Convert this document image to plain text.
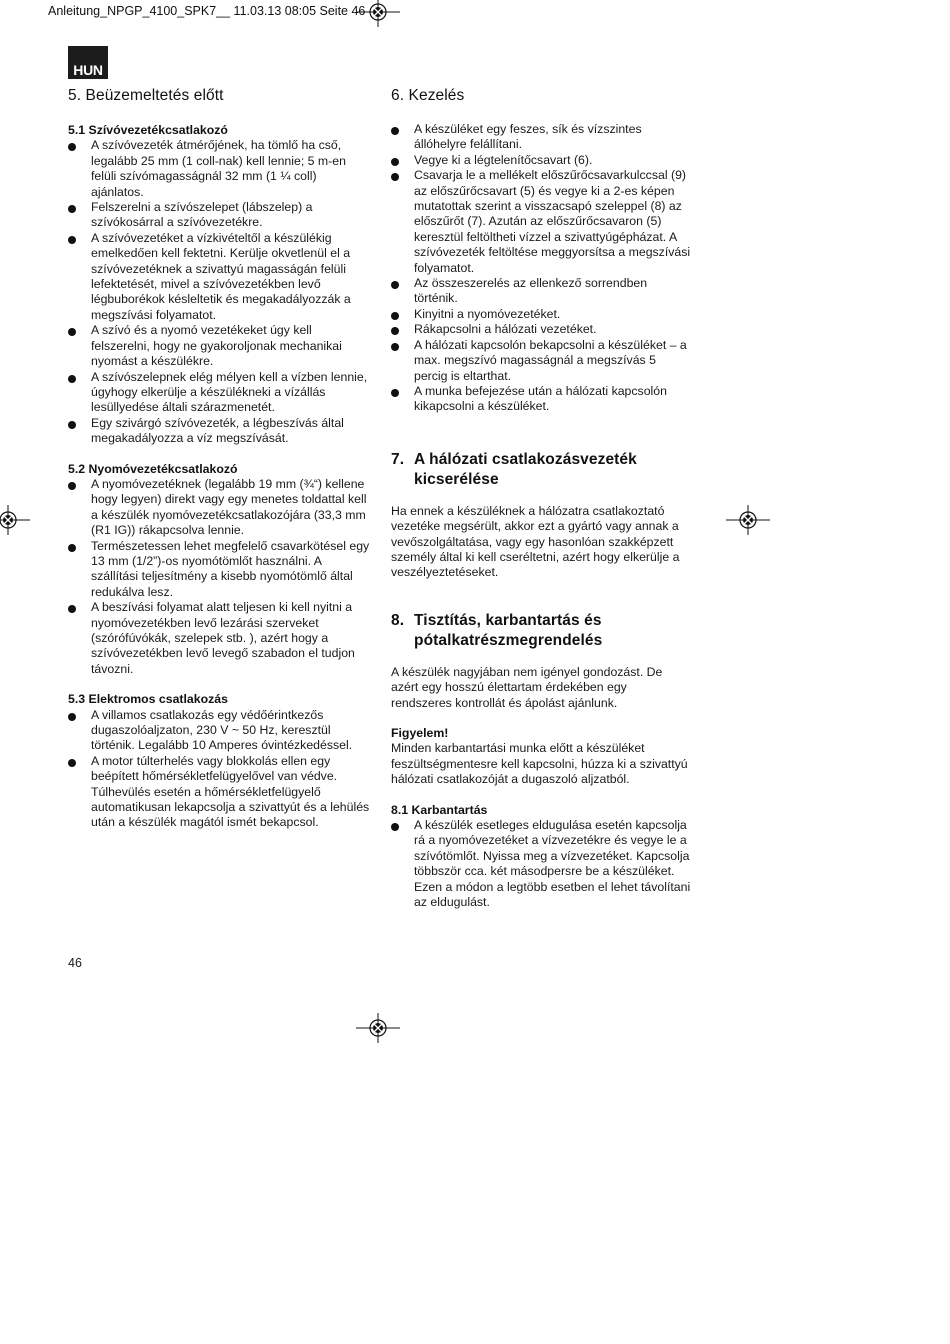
Anleitung_NPGP_4100_SPK7__ 11.03.13 08:05 Seite 46
HUN
5. Beüzemeltetés előtt
5.1 Szívóvezetékcsatlakozó
A szívóvezeték átmérőjének, ha tömlő ha cső, legalább 25 mm (1 coll-nak) kell lennie; 5 m-en felüli szívómagasságnál 32 mm (1 ¼ coll) ajánlatos.
Felszerelni a szívószelepet (lábszelep) a szívókosárral a szívóvezetékre.
A szívóvezetéket a vízkivételtől a készülékig emelkedően kell fektetni. Kerülje okvetlenül el a szívóvezetéknek a szivattyú magasságán felüli lefektetését, mivel a szívóvezetékben levő légbuborékok késleltetik és megakadályozzák a megszívási folyamatot.
A szívó és a nyomó vezetékeket úgy kell felszerelni, hogy ne gyakoroljonak mechanikai nyomást a készülékre.
A szívószelepnek elég mélyen kell a vízben lennie, úgyhogy elkerülje a készülékneki a vízállás lesüllyedése általi szárazmenetét.
Egy szivárgó szívóvezeték, a légbeszívás által megakadályozza a víz megszívását.
5.2 Nyomóvezetékcsatlakozó
A nyomóvezetéknek (legalább 19 mm (¾“) kellene hogy legyen) direkt vagy egy menetes toldattal kell a készülék nyomóvezetékcsatlakozójára (33,3 mm (R1 IG)) rákapcsolva lennie.
Természetessen lehet megfelelő csavarkötésel egy 13 mm (1/2”)-os nyomótömlőt használni. A szállítási teljesítmény a kisebb nyomótömlő által redukálva lesz.
A beszívási folyamat alatt teljesen ki kell nyitni a nyomóvezetékben levő lezárási szerveket (szórófúvókák, szelepek stb. ), azért hogy a szívóvezetékben levő levegő szabadon el tudjon távozni.
5.3 Elektromos csatlakozás
A villamos csatlakozás egy védőérintkezős dugaszolóaljzaton, 230 V ~ 50 Hz, keresztül történik. Legalább 10 Amperes óvintézkedéssel.
A motor túlterhelés vagy blokkolás ellen egy beépített hőmérsékletfelügyelővel van védve. Túlhevülés esetén a hőmérsékletfelügyelő automatikusan lekapcsolja a szivattyút és a lehülés után a készülék magától ismét bekapcsol.
6. Kezelés
A készüléket egy feszes, sík és vízszintes állóhelyre felállítani.
Vegye ki a légtelenítőcsavart (6).
Csavarja le a mellékelt előszűrőcsavarkulccsal (9) az előszűrőcsavart (5) és vegye ki a 2-es képen mutatottak szerint a visszacsapó szeleppel (8) az előszűrőt (7). Azután az előszűrőcsavaron (5) keresztül feltöltheti vízzel a szivattyúgépházat. A szívóvezeték feltöltése meggyorsítsa a megszívási folyamatot.
Az összeszerelés az ellenkező sorrendben történik.
Kinyitni a nyomóvezetéket.
Rákapcsolni a hálózati vezetéket.
A hálózati kapcsolón bekapcsolni a készüléket – a max. megszívó magasságnál a megszívás 5 percig is eltarthat.
A munka befejezése után a hálózati kapcsolón kikapcsolni a készüléket.
7. A hálózati csatlakozásvezeték kicserélése

Ha ennek a készüléknek a hálózatra csatlakoztató vezetéke megsérült, akkor ezt a gyártó vagy annak a vevőszolgáltatása, vagy egy hasonlóan szakképzett személy által ki kell cseréltetni, azért hogy elkerülje a veszélyeztetéseket.

8. Tisztítás, karbantartás és pótalkatrészmegrendelés

A készülék nagyjában nem igényel gondozást. De azért egy hosszú élettartam érdekében egy rendszeres kontrollát és ápolást ajánlunk.

Figyelem!

Minden karbantartási munka előtt a készüléket feszültségmentesre kell kapcsolni, húzza ki a szivattyú hálózati csatlakozóját a dugaszoló aljzatból.

8.1 Karbantartás
A készülék esetleges eldugulása esetén kapcsolja rá a nyomóvezetéket a vízvezetékre és vegye le a szívótömlőt. Nyissa meg a vízvezetéket. Kapcsolja többször cca. két másodpersre be a készüléket. Ezen a módon a legtöbb esetben el lehet távolítani az eldugulást.
46
